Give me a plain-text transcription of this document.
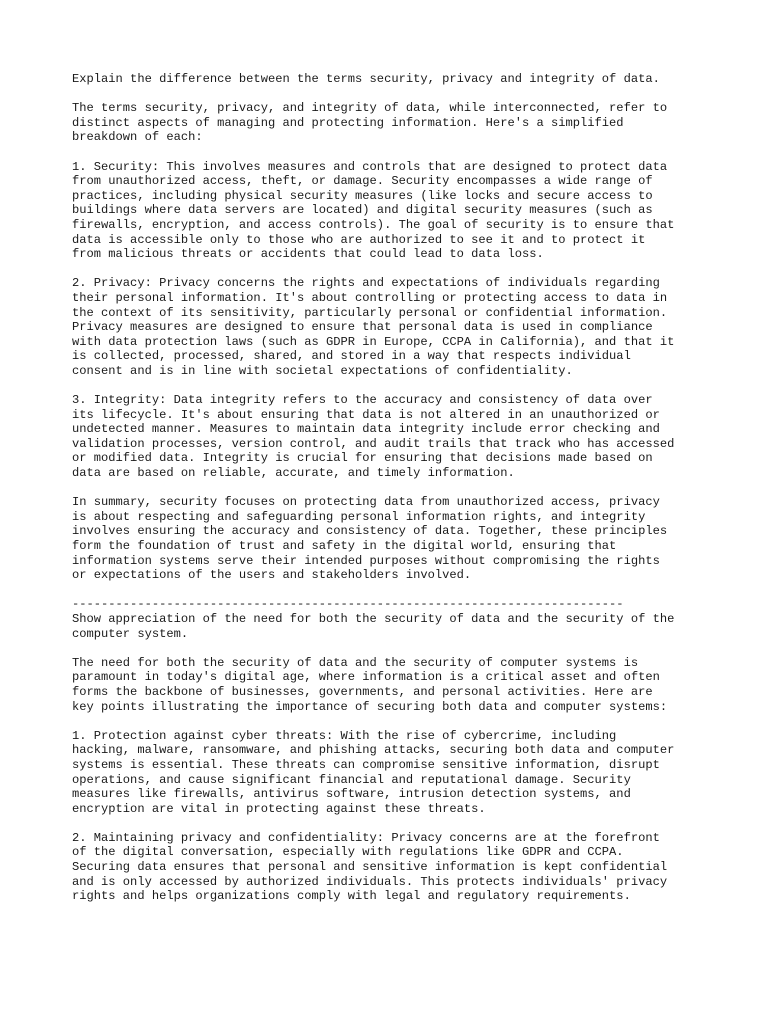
Explain the difference between the terms security, privacy and integrity of data.

The terms security, privacy, and integrity of data, while interconnected, refer to
distinct aspects of managing and protecting information. Here's a simplified
breakdown of each:

1. Security: This involves measures and controls that are designed to protect data
from unauthorized access, theft, or damage. Security encompasses a wide range of
practices, including physical security measures (like locks and secure access to
buildings where data servers are located) and digital security measures (such as
firewalls, encryption, and access controls). The goal of security is to ensure that
data is accessible only to those who are authorized to see it and to protect it
from malicious threats or accidents that could lead to data loss.

2. Privacy: Privacy concerns the rights and expectations of individuals regarding
their personal information. It's about controlling or protecting access to data in
the context of its sensitivity, particularly personal or confidential information.
Privacy measures are designed to ensure that personal data is used in compliance
with data protection laws (such as GDPR in Europe, CCPA in California), and that it
is collected, processed, shared, and stored in a way that respects individual
consent and is in line with societal expectations of confidentiality.

3. Integrity: Data integrity refers to the accuracy and consistency of data over
its lifecycle. It's about ensuring that data is not altered in an unauthorized or
undetected manner. Measures to maintain data integrity include error checking and
validation processes, version control, and audit trails that track who has accessed
or modified data. Integrity is crucial for ensuring that decisions made based on
data are based on reliable, accurate, and timely information.

In summary, security focuses on protecting data from unauthorized access, privacy
is about respecting and safeguarding personal information rights, and integrity
involves ensuring the accuracy and consistency of data. Together, these principles
form the foundation of trust and safety in the digital world, ensuring that
information systems serve their intended purposes without compromising the rights
or expectations of the users and stakeholders involved.

----------------------------------------------------------------------------

Show appreciation of the need for both the security of data and the security of the
computer system.

The need for both the security of data and the security of computer systems is
paramount in today's digital age, where information is a critical asset and often
forms the backbone of businesses, governments, and personal activities. Here are
key points illustrating the importance of securing both data and computer systems:

1. Protection against cyber threats: With the rise of cybercrime, including
hacking, malware, ransomware, and phishing attacks, securing both data and computer
systems is essential. These threats can compromise sensitive information, disrupt
operations, and cause significant financial and reputational damage. Security
measures like firewalls, antivirus software, intrusion detection systems, and
encryption are vital in protecting against these threats.

2. Maintaining privacy and confidentiality: Privacy concerns are at the forefront
of the digital conversation, especially with regulations like GDPR and CCPA.
Securing data ensures that personal and sensitive information is kept confidential
and is only accessed by authorized individuals. This protects individuals' privacy
rights and helps organizations comply with legal and regulatory requirements.
